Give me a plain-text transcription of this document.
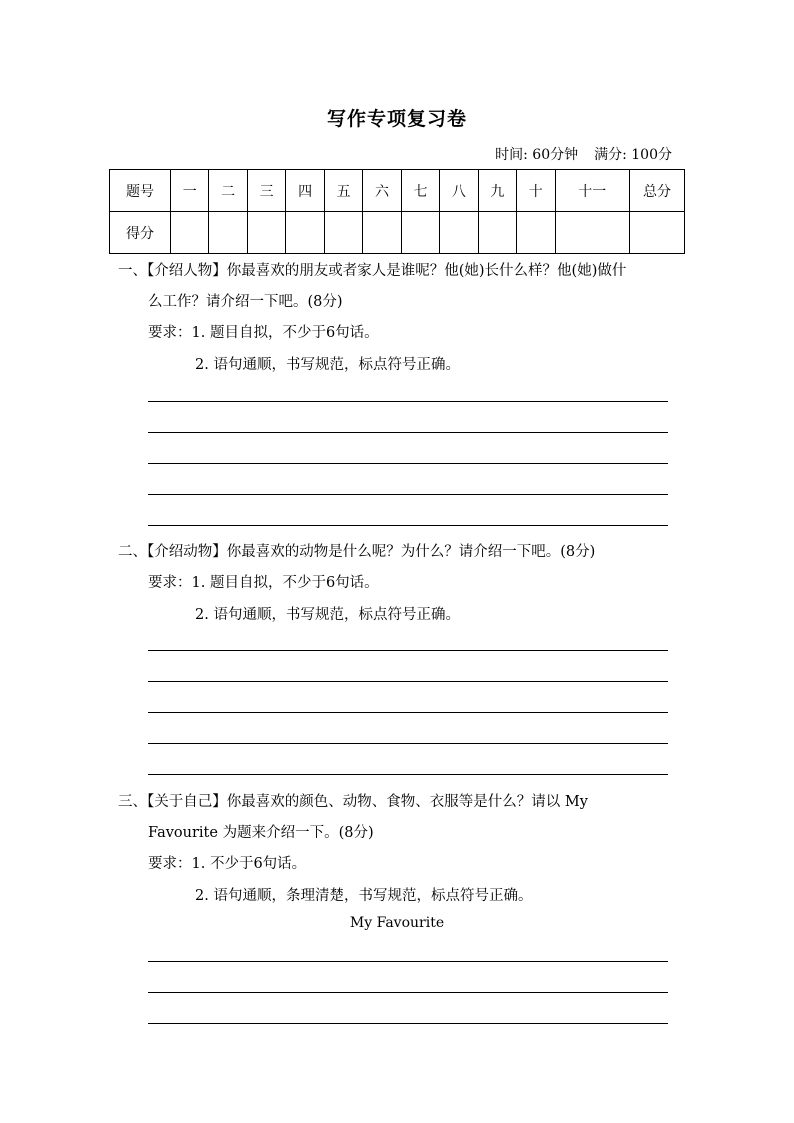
写作专项复习卷
时间: 60分钟 满分: 100分
题号	一	二	三	四	五	六	七	八	九	十	十一	总分
得分												
一、【介绍人物】你最喜欢的朋友或者家人是谁呢？他(她)长什么样？他(她)做什
么工作？请介绍一下吧。(8分)
要求：1. 题目自拟，不少于6句话。
2. 语句通顺，书写规范，标点符号正确。
二、【介绍动物】你最喜欢的动物是什么呢？为什么？请介绍一下吧。(8分)
要求：1. 题目自拟，不少于6句话。
2. 语句通顺，书写规范，标点符号正确。
三、【关于自己】你最喜欢的颜色、动物、食物、衣服等是什么？请以 My
Favourite 为题来介绍一下。(8分)
要求：1. 不少于6句话。
2. 语句通顺，条理清楚，书写规范，标点符号正确。
My Favourite
